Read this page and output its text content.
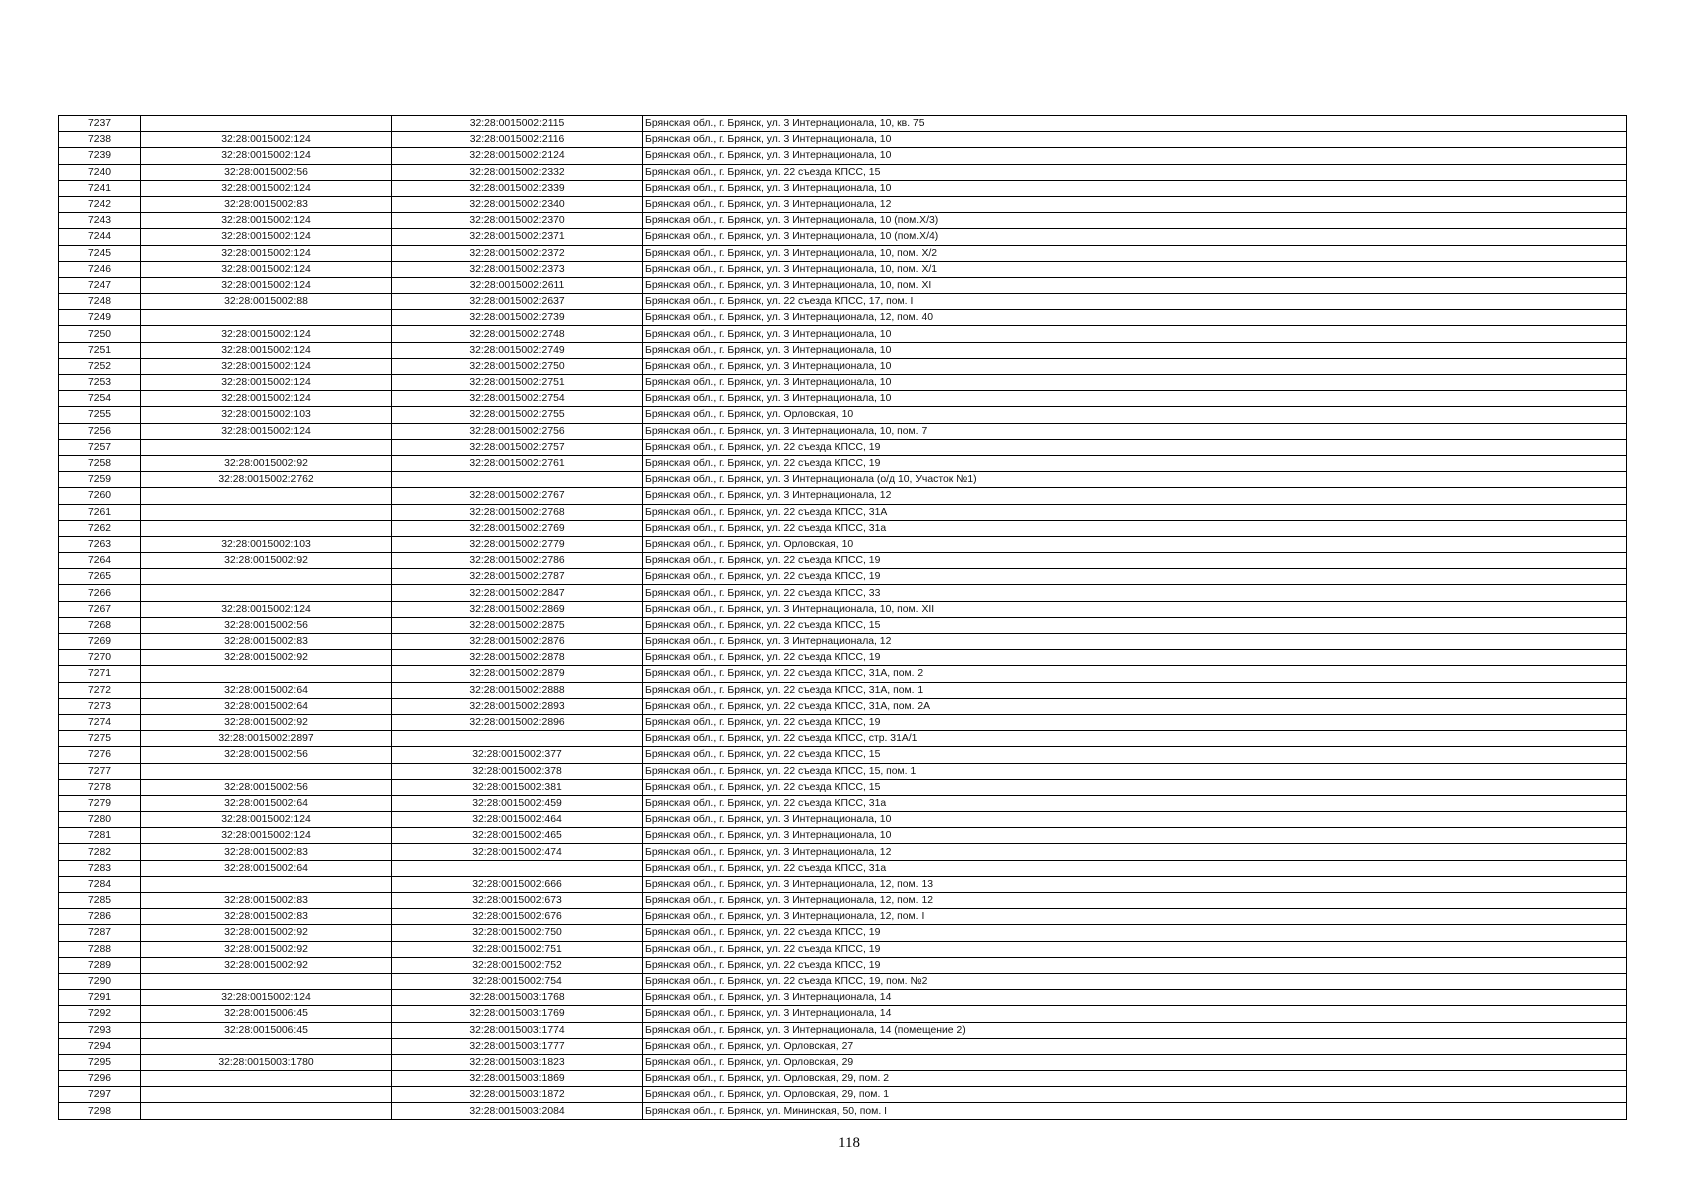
7237		32:28:0015002:2115	Брянская обл., г. Брянск, ул. 3 Интернационала, 10, кв. 75
7238	32:28:0015002:124	32:28:0015002:2116	Брянская обл., г. Брянск, ул. 3 Интернационала, 10
7239	32:28:0015002:124	32:28:0015002:2124	Брянская обл., г. Брянск, ул. 3 Интернационала, 10
7240	32:28:0015002:56	32:28:0015002:2332	Брянская обл., г. Брянск, ул. 22 съезда КПСС, 15
7241	32:28:0015002:124	32:28:0015002:2339	Брянская обл., г. Брянск, ул. 3 Интернационала, 10
7242	32:28:0015002:83	32:28:0015002:2340	Брянская обл., г. Брянск, ул. 3 Интернационала, 12
7243	32:28:0015002:124	32:28:0015002:2370	Брянская обл., г. Брянск, ул. 3 Интернационала, 10 (пом.Х/3)
7244	32:28:0015002:124	32:28:0015002:2371	Брянская обл., г. Брянск, ул. 3 Интернационала, 10 (пом.Х/4)
7245	32:28:0015002:124	32:28:0015002:2372	Брянская обл., г. Брянск, ул. 3 Интернационала, 10, пом. Х/2
7246	32:28:0015002:124	32:28:0015002:2373	Брянская обл., г. Брянск, ул. 3 Интернационала, 10, пом. Х/1
7247	32:28:0015002:124	32:28:0015002:2611	Брянская обл., г. Брянск, ул. 3 Интернационала, 10, пом. XI
7248	32:28:0015002:88	32:28:0015002:2637	Брянская обл., г. Брянск, ул. 22 съезда КПСС, 17, пом. I
7249		32:28:0015002:2739	Брянская обл., г. Брянск, ул. 3 Интернационала, 12, пом. 40
7250	32:28:0015002:124	32:28:0015002:2748	Брянская обл., г. Брянск, ул. 3 Интернационала, 10
7251	32:28:0015002:124	32:28:0015002:2749	Брянская обл., г. Брянск, ул. 3 Интернационала, 10
7252	32:28:0015002:124	32:28:0015002:2750	Брянская обл., г. Брянск, ул. 3 Интернационала, 10
7253	32:28:0015002:124	32:28:0015002:2751	Брянская обл., г. Брянск, ул. 3 Интернационала, 10
7254	32:28:0015002:124	32:28:0015002:2754	Брянская обл., г. Брянск, ул. 3 Интернационала, 10
7255	32:28:0015002:103	32:28:0015002:2755	Брянская обл., г. Брянск, ул. Орловская, 10
7256	32:28:0015002:124	32:28:0015002:2756	Брянская обл., г. Брянск, ул. 3 Интернационала, 10, пом. 7
7257		32:28:0015002:2757	Брянская обл., г. Брянск, ул. 22 съезда КПСС, 19
7258	32:28:0015002:92	32:28:0015002:2761	Брянская обл., г. Брянск, ул. 22 съезда КПСС, 19
7259	32:28:0015002:2762		Брянская обл., г. Брянск, ул. 3 Интернационала (о/д 10, Участок №1)
7260		32:28:0015002:2767	Брянская обл., г. Брянск, ул. 3 Интернационала, 12
7261		32:28:0015002:2768	Брянская обл., г. Брянск, ул. 22 съезда КПСС, 31А
7262		32:28:0015002:2769	Брянская обл., г. Брянск, ул. 22 съезда КПСС, 31а
7263	32:28:0015002:103	32:28:0015002:2779	Брянская обл., г. Брянск, ул. Орловская, 10
7264	32:28:0015002:92	32:28:0015002:2786	Брянская обл., г. Брянск, ул. 22 съезда КПСС, 19
7265		32:28:0015002:2787	Брянская обл., г. Брянск, ул. 22 съезда КПСС, 19
7266		32:28:0015002:2847	Брянская обл., г. Брянск, ул. 22 съезда КПСС, 33
7267	32:28:0015002:124	32:28:0015002:2869	Брянская обл., г. Брянск, ул. 3 Интернационала, 10, пом. XII
7268	32:28:0015002:56	32:28:0015002:2875	Брянская обл., г. Брянск, ул. 22 съезда КПСС, 15
7269	32:28:0015002:83	32:28:0015002:2876	Брянская обл., г. Брянск, ул. 3 Интернационала, 12
7270	32:28:0015002:92	32:28:0015002:2878	Брянская обл., г. Брянск, ул. 22 съезда КПСС, 19
7271		32:28:0015002:2879	Брянская обл., г. Брянск, ул. 22 съезда КПСС, 31А, пом. 2
7272	32:28:0015002:64	32:28:0015002:2888	Брянская обл., г. Брянск, ул. 22 съезда КПСС, 31А, пом. 1
7273	32:28:0015002:64	32:28:0015002:2893	Брянская обл., г. Брянск, ул. 22 съезда КПСС, 31А, пом. 2А
7274	32:28:0015002:92	32:28:0015002:2896	Брянская обл., г. Брянск, ул. 22 съезда КПСС, 19
7275	32:28:0015002:2897		Брянская обл., г. Брянск, ул. 22 съезда КПСС, стр. 31А/1
7276	32:28:0015002:56	32:28:0015002:377	Брянская обл., г. Брянск, ул. 22 съезда КПСС, 15
7277		32:28:0015002:378	Брянская обл., г. Брянск, ул. 22 съезда КПСС, 15, пом. 1
7278	32:28:0015002:56	32:28:0015002:381	Брянская обл., г. Брянск, ул. 22 съезда КПСС, 15
7279	32:28:0015002:64	32:28:0015002:459	Брянская обл., г. Брянск, ул. 22 съезда КПСС, 31а
7280	32:28:0015002:124	32:28:0015002:464	Брянская обл., г. Брянск, ул. 3 Интернационала, 10
7281	32:28:0015002:124	32:28:0015002:465	Брянская обл., г. Брянск, ул. 3 Интернационала, 10
7282	32:28:0015002:83	32:28:0015002:474	Брянская обл., г. Брянск, ул. 3 Интернационала, 12
7283	32:28:0015002:64		Брянская обл., г. Брянск, ул. 22 съезда КПСС, 31а
7284		32:28:0015002:666	Брянская обл., г. Брянск, ул. 3 Интернационала, 12, пом. 13
7285	32:28:0015002:83	32:28:0015002:673	Брянская обл., г. Брянск, ул. 3 Интернационала, 12, пом. 12
7286	32:28:0015002:83	32:28:0015002:676	Брянская обл., г. Брянск, ул. 3 Интернационала, 12, пом. I
7287	32:28:0015002:92	32:28:0015002:750	Брянская обл., г. Брянск, ул. 22 съезда КПСС, 19
7288	32:28:0015002:92	32:28:0015002:751	Брянская обл., г. Брянск, ул. 22 съезда КПСС, 19
7289	32:28:0015002:92	32:28:0015002:752	Брянская обл., г. Брянск, ул. 22 съезда КПСС, 19
7290		32:28:0015002:754	Брянская обл., г. Брянск, ул. 22 съезда КПСС, 19, пом. №2
7291	32:28:0015002:124	32:28:0015003:1768	Брянская обл., г. Брянск, ул. 3 Интернационала, 14
7292	32:28:0015006:45	32:28:0015003:1769	Брянская обл., г. Брянск, ул. 3 Интернационала, 14
7293	32:28:0015006:45	32:28:0015003:1774	Брянская обл., г. Брянск, ул. 3 Интернационала, 14 (помещение 2)
7294		32:28:0015003:1777	Брянская обл., г. Брянск, ул. Орловская, 27
7295	32:28:0015003:1780	32:28:0015003:1823	Брянская обл., г. Брянск, ул. Орловская, 29
7296		32:28:0015003:1869	Брянская обл., г. Брянск, ул. Орловская, 29, пом. 2
7297		32:28:0015003:1872	Брянская обл., г. Брянск, ул. Орловская, 29, пом. 1
7298		32:28:0015003:2084	Брянская обл., г. Брянск, ул. Мининская, 50, пом. I
118
